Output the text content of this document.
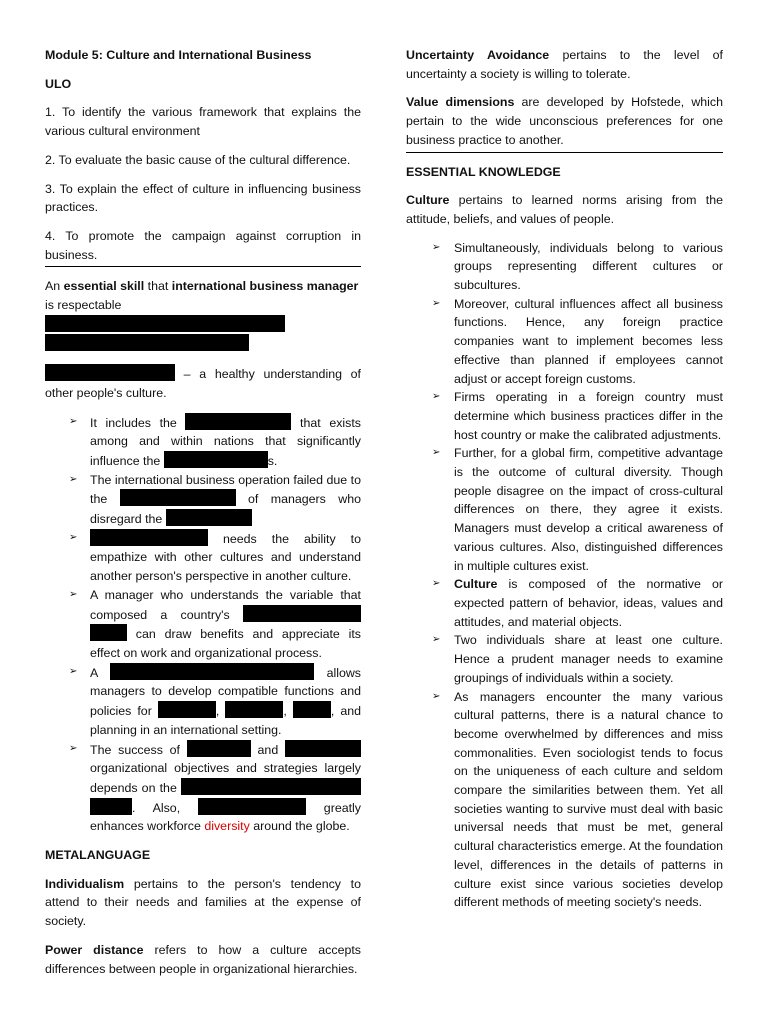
Module 5: Culture and International Business

ULO

1. To identify the various framework that explains the various cultural environment

2. To evaluate the basic cause of the cultural difference.

3. To explain the effect of culture in influencing business practices.

4. To promote the campaign against corruption in business.

An essential skill that international business manager is respectable

– a healthy understanding of other people's culture.

➢ It includes the	that exists among and within nations that significantly influence the	s.
➢ The international business operation failed due to the	of managers who disregard the
➢	needs the ability to empathize with other cultures and understand another person's perspective in another culture.
➢ A manager who understands the variable that composed a country's   can draw benefits and appreciate its effect on work and organizational process.
➢ A	allows managers to develop compatible functions and policies for	,	,	, and planning in an international setting.
➢ The success of	and  organizational objectives and strategies largely depends on the  . Also,	greatly enhances workforce diversity around the globe.

METALANGUAGE

Individualism pertains to the person's tendency to attend to their needs and families at the expense of society.

Power distance refers to how a culture accepts differences between people in organizational hierarchies.

Uncertainty Avoidance pertains to the level of uncertainty a society is willing to tolerate.

Value dimensions are developed by Hofstede, which pertain to the wide unconscious preferences for one business practice to another.

ESSENTIAL KNOWLEDGE

Culture pertains to learned norms arising from the attitude, beliefs, and values of people.

➢ Simultaneously, individuals belong to various groups representing different cultures or subcultures.
➢ Moreover, cultural influences affect all business functions. Hence, any foreign practice companies want to implement becomes less effective than planned if employees cannot adjust or accept foreign customs.
➢ Firms operating in a foreign country must determine which business practices differ in the host country or make the calibrated adjustments.
➢ Further, for a global firm, competitive advantage is the outcome of cultural diversity. Though people disagree on the impact of cross-cultural differences on there, they agree it exists. Managers must develop a critical awareness of various cultures. Also, distinguished differences in multiple cultures exist.
➢ Culture is composed of the normative or expected pattern of behavior, ideas, values and attitudes, and material objects.
➢ Two individuals share at least one culture. Hence a prudent manager needs to examine groupings of individuals within a society.
➢ As managers encounter the many various cultural patterns, there is a natural chance to become overwhelmed by differences and miss commonalities. Even sociologist tends to focus on the uniqueness of each culture and seldom compare the similarities between them. Yet all societies wanting to survive must deal with basic universal needs that must be met, general cultural characteristics emerge. At the foundation level, differences in the details of patterns in culture exist since various societies develop different methods of meeting society's needs.
